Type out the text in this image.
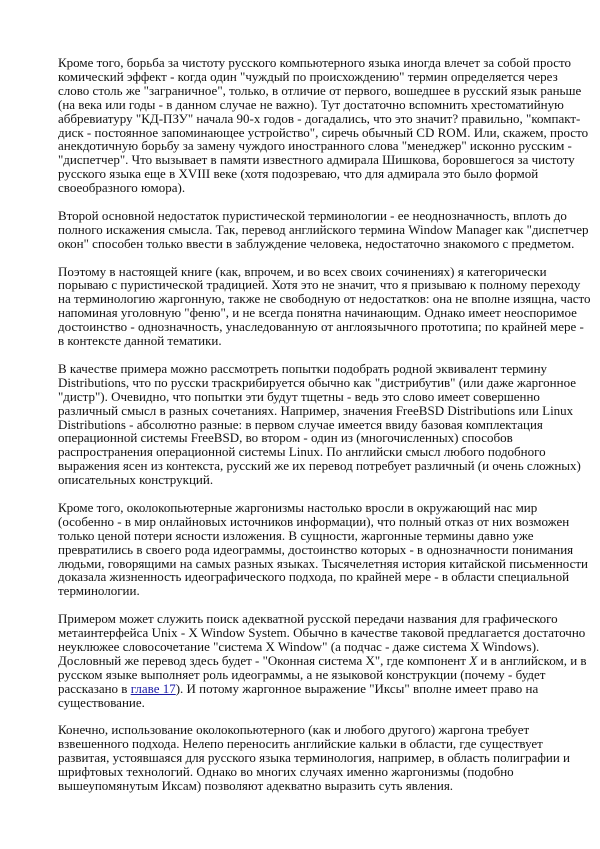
Кроме того, борьба за чистоту русского компьютерного языка иногда влечет за собой просто
комический эффект - когда один "чуждый по происхождению" термин определяется через
слово столь же "заграничное", только, в отличие от первого, вошедшее в русский язык раньше
(на века или годы - в данном случае не важно). Тут достаточно вспомнить хрестоматийную
аббревиатуру "КД-ПЗУ" начала 90-х годов - догадались, что это значит? правильно, "компакт-
диск - постоянное запоминающее устройство", сиречь обычный CD ROM. Или, скажем, просто
анекдотичную борьбу за замену чуждого иностранного слова "менеджер" исконно русским -
"диспетчер". Что вызывает в памяти известного адмирала Шишкова, боровшегося за чистоту
русского языка еще в XVIII веке (хотя подозреваю, что для адмирала это было формой
своеобразного юмора).
Второй основной недостаток пуристической терминологии - ее неоднозначность, вплоть до
полного искажения смысла. Так, перевод английского термина Window Manager как "диспетчер
окон" способен только ввести в заблуждение человека, недостаточно знакомого с предметом.
Поэтому в настоящей книге (как, впрочем, и во всех своих сочинениях) я категорически
порываю с пуристической традицией. Хотя это не значит, что я призываю к полному переходу
на терминологию жаргонную, также не свободную от недостатков: она не вполне изящна, часто
напоминая уголовную "феню", и не всегда понятна начинающим. Однако имеет неоспоримое
достоинство - однозначность, унаследованную от англоязычного прототипа; по крайней мере -
в контексте данной тематики.
В качестве примера можно рассмотреть попытки подобрать родной эквивалент термину
Distributions, что по русски траскрибируется обычно как "дистрибутив" (или даже жаргонное
"дистр"). Очевидно, что попытки эти будут тщетны - ведь это слово имеет совершенно
различный смысл в разных сочетаниях. Например, значения FreeBSD Distributions или Linux
Distributions - абсолютно разные: в первом случае имеется ввиду базовая комплектация
операционной системы FreeBSD, во втором - один из (многочисленных) способов
распространения операционной системы Linux. По английски смысл любого подобного
выражения ясен из контекста, русский же их перевод потребует различный (и очень сложных)
описательных конструкций.
Кроме того, околокопьютерные жаргонизмы настолько вросли в окружающий нас мир
(особенно - в мир онлайновых источников информации), что полный отказ от них возможен
только ценой потери ясности изложения. В сущности, жаргонные термины давно уже
превратились в своего рода идеограммы, достоинство которых - в однозначности понимания
людьми, говорящими на самых разных языках. Тысячелетняя история китайской письменности
доказала жизненность идеографического подхода, по крайней мере - в области специальной
терминологии.
Примером может служить поиск адекватной русской передачи названия для графического
метаинтерфейса Unix - X Window System. Обычно в качестве таковой предлагается достаточно
неуклюжее словосочетание "система X Window" (а подчас - даже система X Windows).
Дословный же перевод здесь будет - "Оконная система X", где компонент X и в английском, и в
русском языке выполняет роль идеограммы, а не языковой конструкции (почему - будет
рассказано в главе 17). И потому жаргонное выражение "Иксы" вполне имеет право на
существование.
Конечно, использование околокопьютерного (как и любого другого) жаргона требует
взвешенного подхода. Нелепо переносить английские кальки в области, где существует
развитая, устоявшаяся для русского языка терминология, например, в область полиграфии и
шрифтовых технологий. Однако во многих случаях именно жаргонизмы (подобно
вышеупомянутым Иксам) позволяют адекватно выразить суть явления.
